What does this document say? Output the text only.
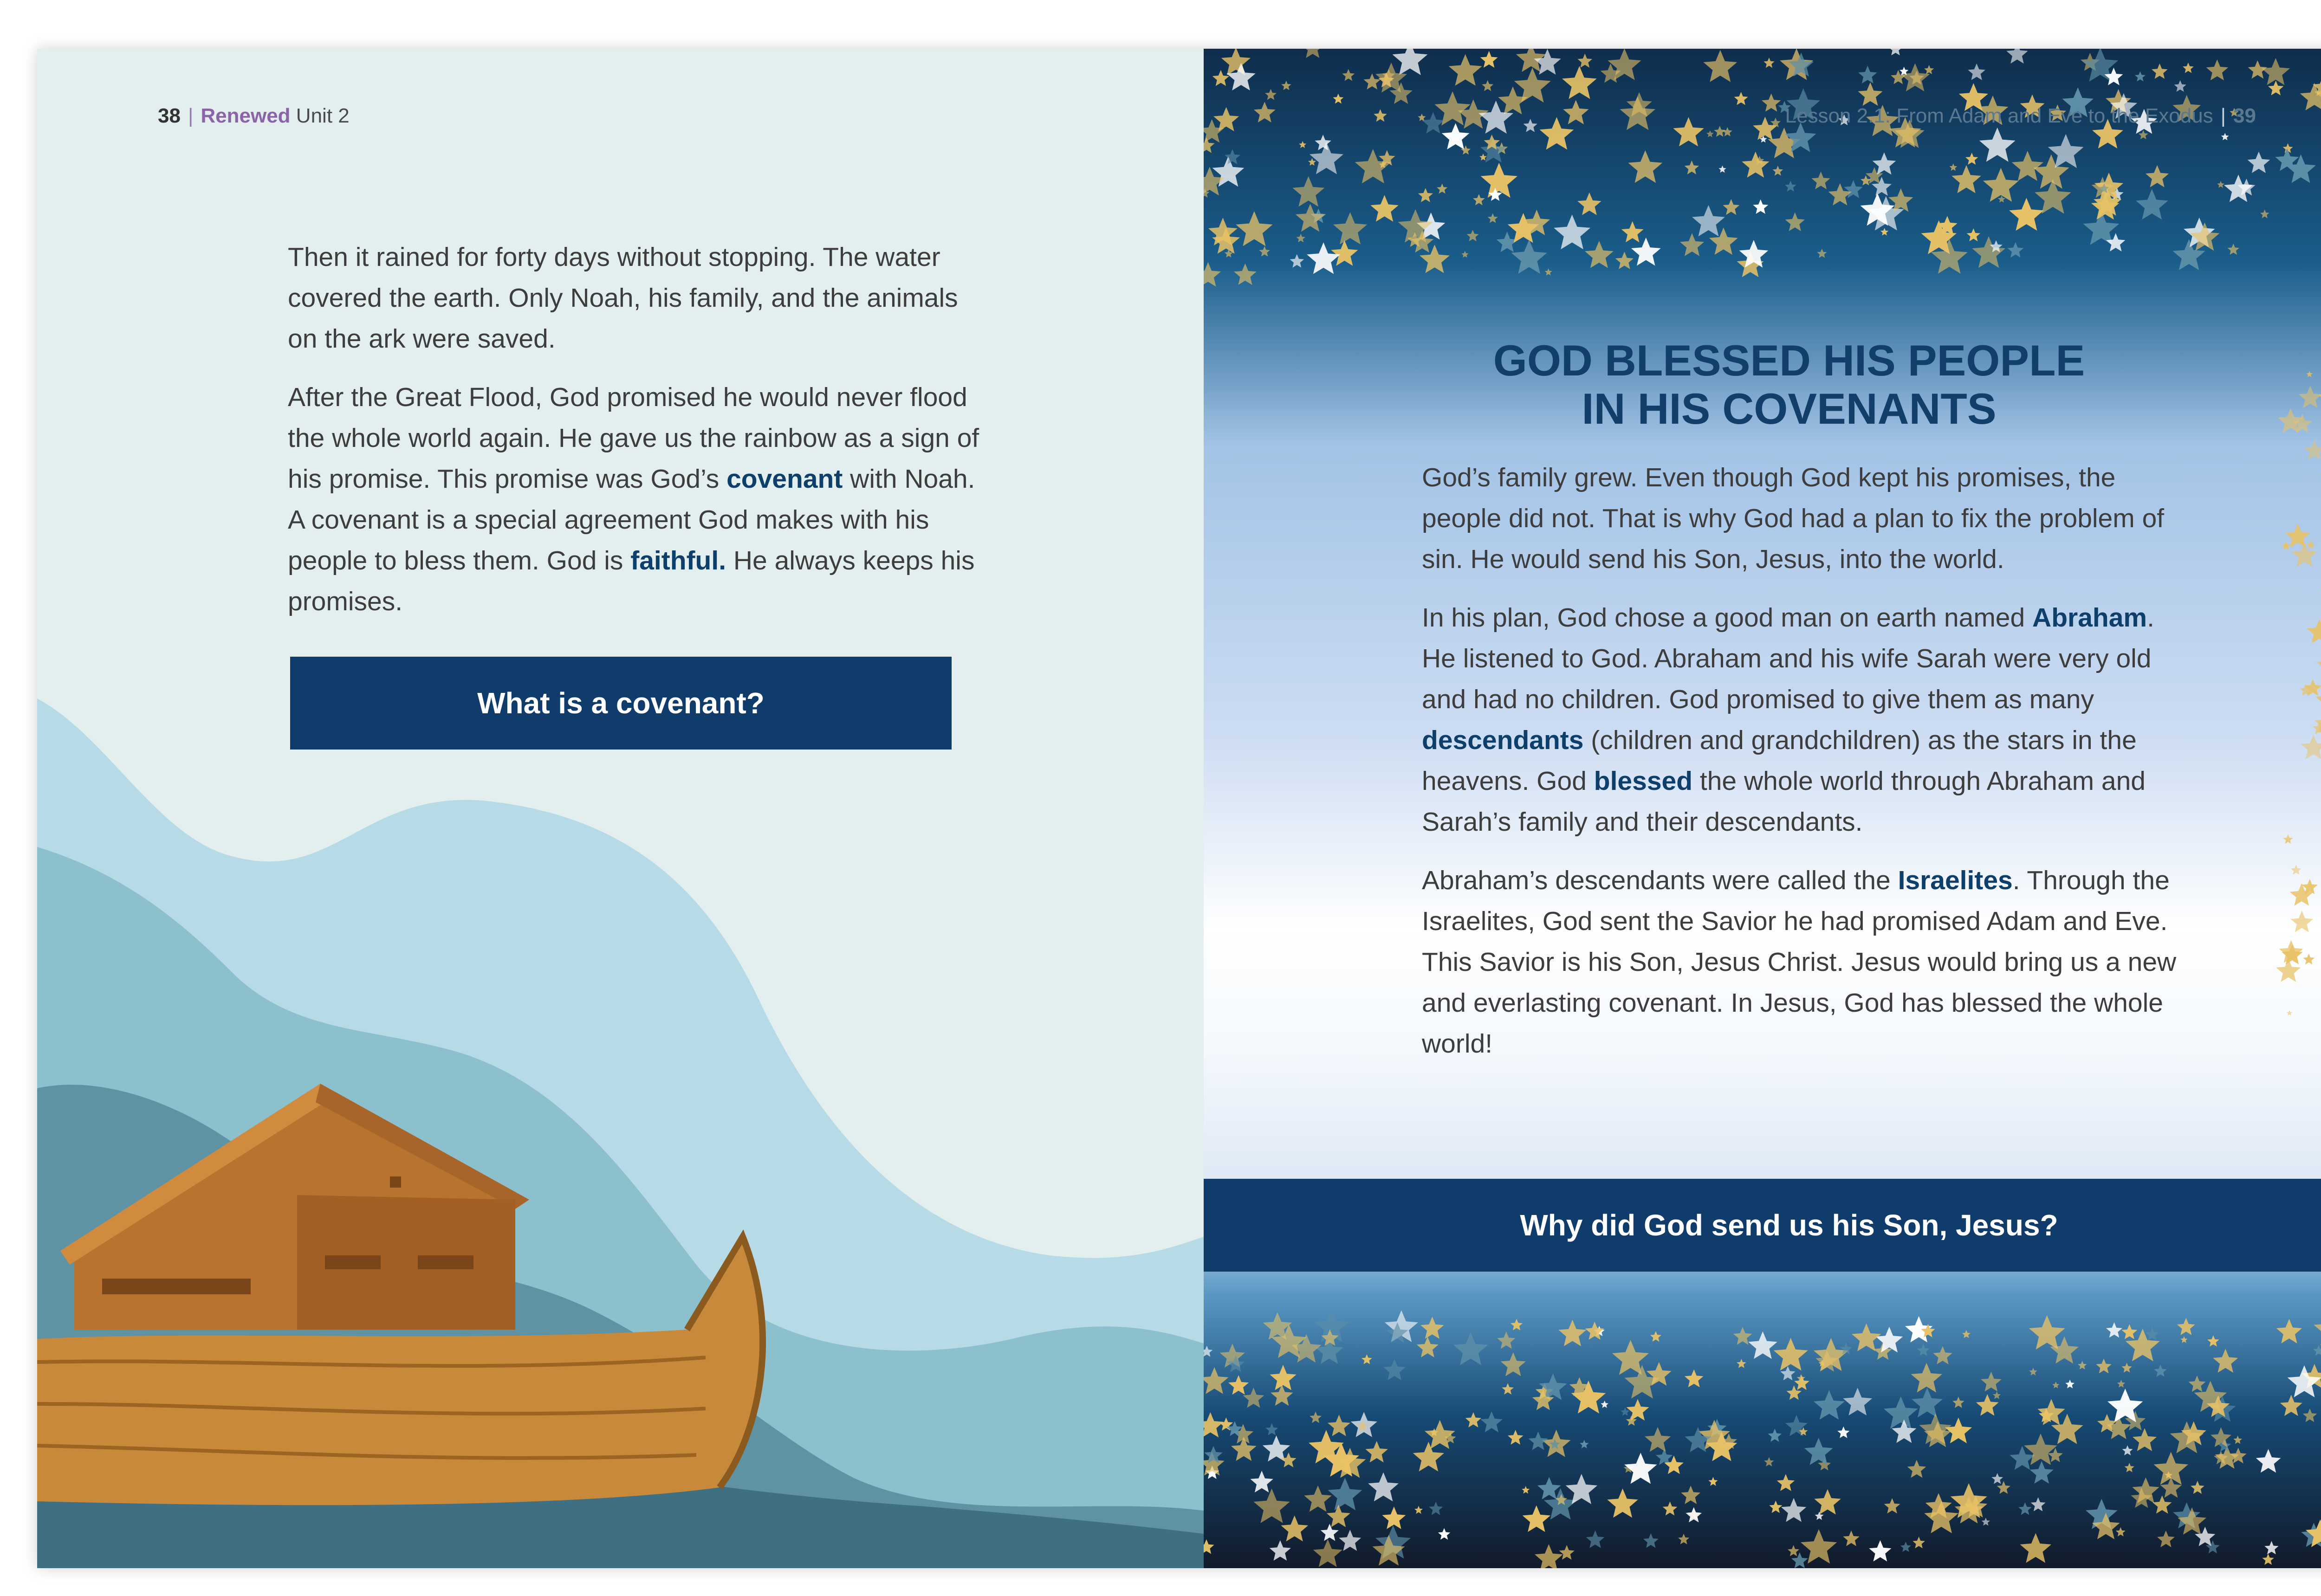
38 | Renewed Unit 2

Then it rained for forty days without stopping. The water covered the earth. Only Noah, his family, and the animals on the ark were saved.

After the Great Flood, God promised he would never flood the whole world again. He gave us the rainbow as a sign of his promise. This promise was God’s covenant with Noah. A covenant is a special agreement God makes with his people to bless them. God is faithful. He always keeps his promises.

What is a covenant?
Lesson 2.1: From Adam and Eve to the Exodus | 39
GOD BLESSED HIS PEOPLE
IN HIS COVENANTS

God’s family grew. Even though God kept his promises, the people did not. That is why God had a plan to fix the problem of sin. He would send his Son, Jesus, into the world.

In his plan, God chose a good man on earth named Abraham. He listened to God. Abraham and his wife Sarah were very old and had no children. God promised to give them as many descendants (children and grandchildren) as the stars in the heavens. God blessed the whole world through Abraham and Sarah’s family and their descendants.

Abraham’s descendants were called the Israelites. Through the Israelites, God sent the Savior he had promised Adam and Eve. This Savior is his Son, Jesus Christ. Jesus would bring us a new and everlasting covenant. In Jesus, God has blessed the whole world!

Why did God send us his Son, Jesus?
